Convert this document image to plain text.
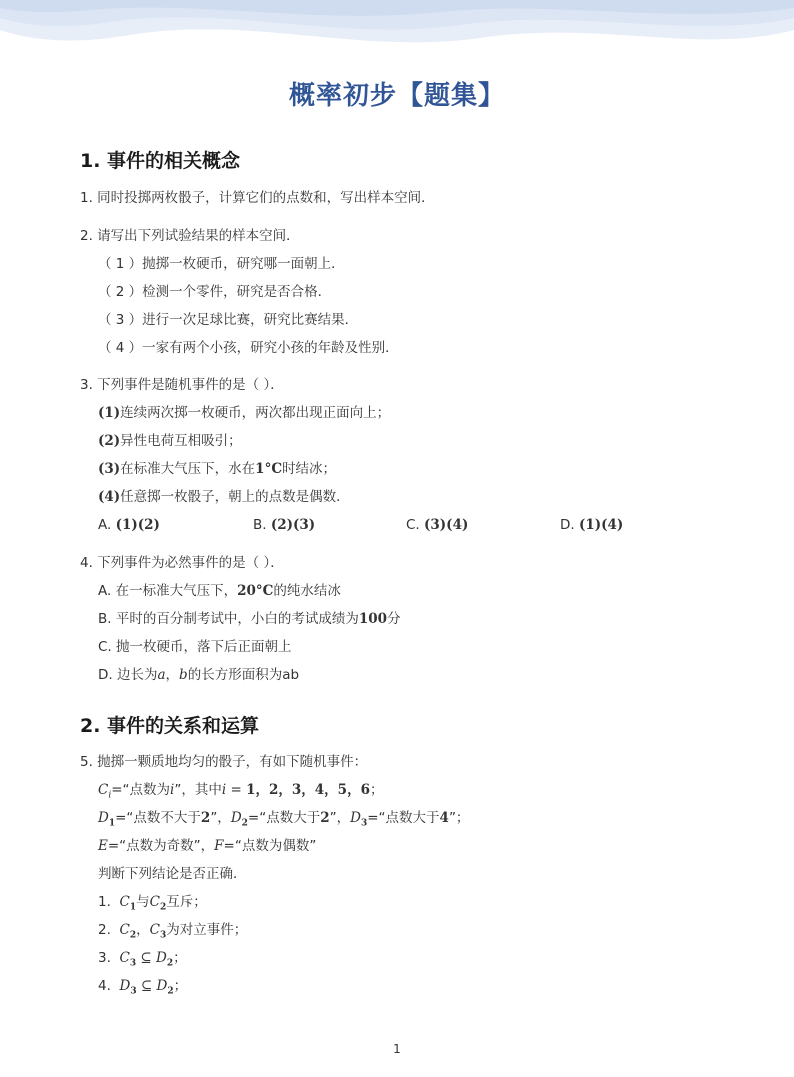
概率初步【题集】
1. 事件的相关概念
1. 同时投掷两枚骰子，计算它们的点数和，写出样本空间．
2. 请写出下列试验结果的样本空间．
（ 1 ）抛掷一枚硬币，研究哪一面朝上．
（ 2 ）检测一个零件，研究是否合格．
（ 3 ）进行一次足球比赛，研究比赛结果．
（ 4 ）一家有两个小孩，研究小孩的年龄及性别．
3. 下列事件是随机事件的是（ ）．
(1)连续两次掷一枚硬币，两次都出现正面向上；
(2)异性电荷互相吸引；
(3)在标准大气压下，水在1°C时结冰；
(4)任意掷一枚骰子，朝上的点数是偶数．
A. (1)(2)	B. (2)(3)	C. (3)(4)	D. (1)(4)
4. 下列事件为必然事件的是（ ）．
A. 在一标准大气压下，20°C的纯水结冰
B. 平时的百分制考试中，小白的考试成绩为100分
C. 抛一枚硬币，落下后正面朝上
D. 边长为a，b的长方形面积为ab
2. 事件的关系和运算
5. 抛掷一颗质地均匀的骰子，有如下随机事件：
$C_i=“$点数为i”，其中i = 1，2，3，4，5，6；
$D_1=“$点数不大于2”，$D_2=“$点数大于2”，$D_3=“$点数大于4”；
E=“点数为奇数”，F=“点数为偶数”
判断下列结论是否正确．
1. $C_1$与$C_2$互斥；
2. $C_2$，$C_3$为对立事件；
3. $C_3$ ⊆ $D_2$；
4. $D_3$ ⊆ $D_2$；
1
